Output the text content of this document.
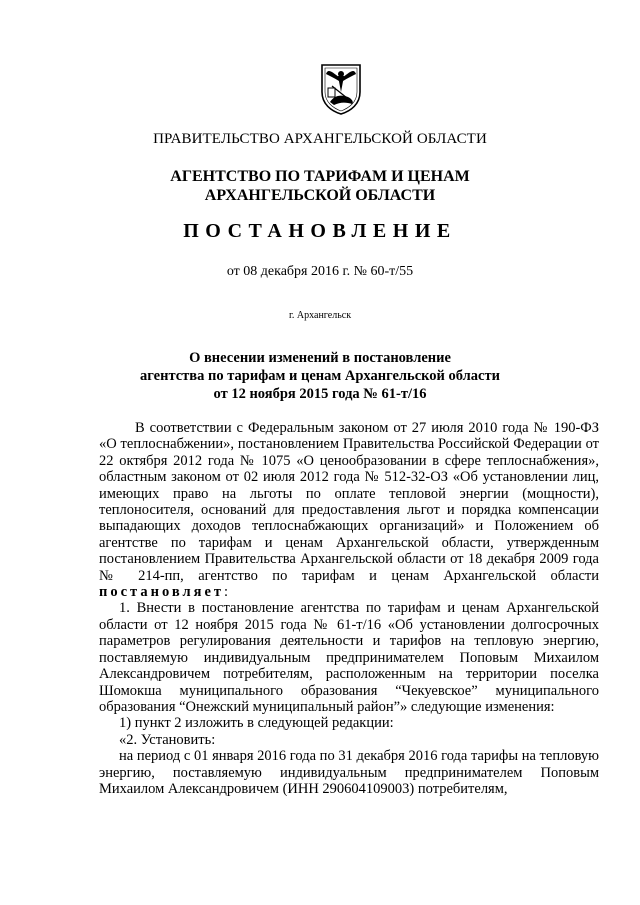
ПРАВИТЕЛЬСТВО АРХАНГЕЛЬСКОЙ ОБЛАСТИ
АГЕНТСТВО ПО ТАРИФАМ И ЦЕНАМ
АРХАНГЕЛЬСКОЙ ОБЛАСТИ
ПОСТАНОВЛЕНИЕ
от 08 декабря 2016 г. № 60-т/55
г. Архангельск
О внесении изменений в постановление
агентства по тарифам и ценам Архангельской области
от 12 ноября 2015 года № 61-т/16

В соответствии с Федеральным законом от 27 июля 2010 года № 190-ФЗ «О теплоснабжении», постановлением Правительства Российской Федерации от 22 октября 2012 года № 1075 «О ценообразовании в сфере теплоснабжения», областным законом от 02 июля 2012 года № 512-32-ОЗ «Об установлении лиц, имеющих право на льготы по оплате тепловой энергии (мощности), теплоносителя, оснований для предоставления льгот и порядка компенсации выпадающих доходов теплоснабжающих организаций» и Положением об агентстве по тарифам и ценам Архангельской области, утвержденным постановлением Правительства Архангельской области от 18 декабря 2009 года № 214-пп, агентство по тарифам и ценам Архангельской области постановляет:

1. Внести в постановление агентства по тарифам и ценам Архангельской области от 12 ноября 2015 года № 61-т/16 «Об установлении долгосрочных параметров регулирования деятельности и тарифов на тепловую энергию, поставляемую индивидуальным предпринимателем Поповым Михаилом Александровичем потребителям, расположенным на территории поселка Шомокша муниципального образования “Чекуевское” муниципального образования “Онежский муниципальный район”» следующие изменения:

1) пункт 2 изложить в следующей редакции:

«2. Установить:

на период с 01 января 2016 года по 31 декабря 2016 года тарифы на тепловую энергию, поставляемую индивидуальным предпринимателем Поповым Михаилом Александровичем (ИНН 290604109003) потребителям,
